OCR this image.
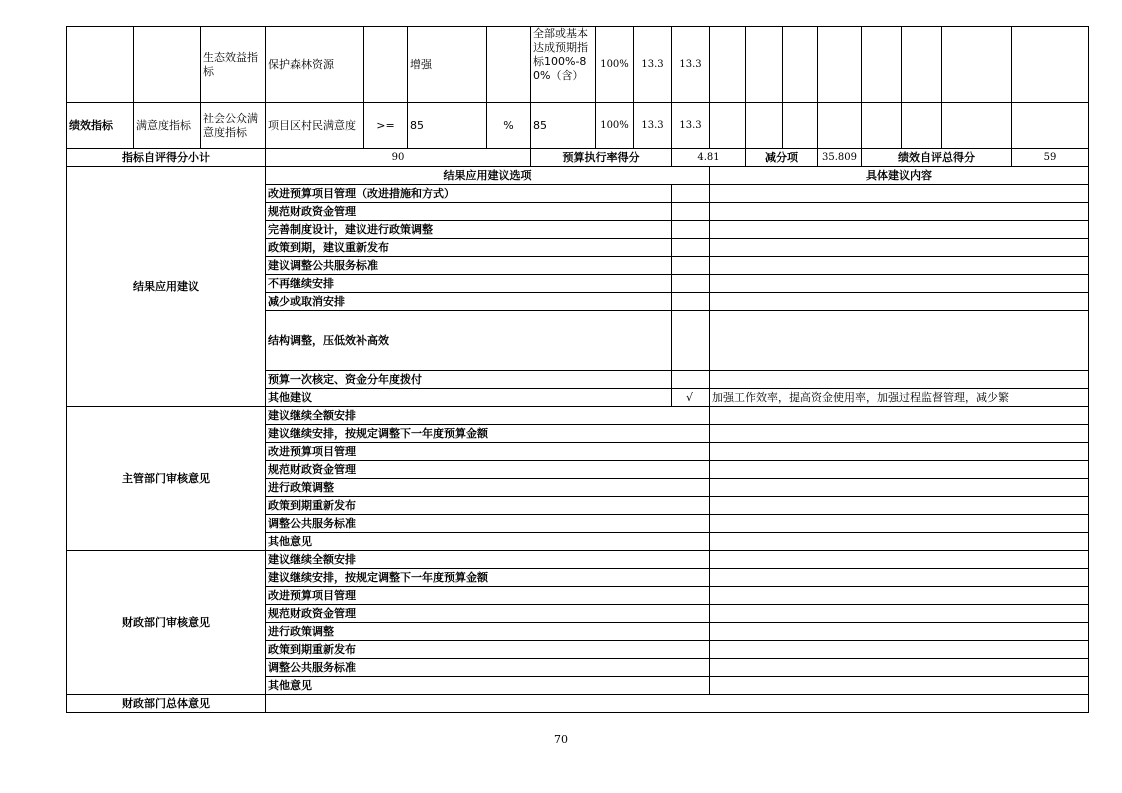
		生态效益指标	保护森林资源		增强		全部或基本达成预期指标100%-80%（含）	100%	13.3	13.3								
绩效指标	满意度指标	社会公众满意度指标	项目区村民满意度	>=	85	%	85	100%	13.3	13.3								
指标自评得分小计			90				预算执行率得分			4.81		减分项		35.809	绩效自评总得分			59
结果应用建议			结果应用建议选项								具体建议内容							
			改进预算项目管理（改进措施和方式）															
			规范财政资金管理															
			完善制度设计，建议进行政策调整															
			政策到期，建议重新发布															
			建议调整公共服务标准															
			不再继续安排															
			减少或取消安排															
			结构调整，压低效补高效															
			预算一次核定、资金分年度拨付															
			其他建议							√	加强工作效率，提高资金使用率，加强过程监督管理，减少繁							
主管部门审核意见			建议继续全额安排															
			建议继续安排，按规定调整下一年度预算金额															
			改进预算项目管理															
			规范财政资金管理															
			进行政策调整															
			政策到期重新发布															
			调整公共服务标准															
			其他意见															
财政部门审核意见			建议继续全额安排															
			建议继续安排，按规定调整下一年度预算金额															
			改进预算项目管理															
			规范财政资金管理															
			进行政策调整															
			政策到期重新发布															
			调整公共服务标准															
			其他意见															
财政部门总体意见																		
70
